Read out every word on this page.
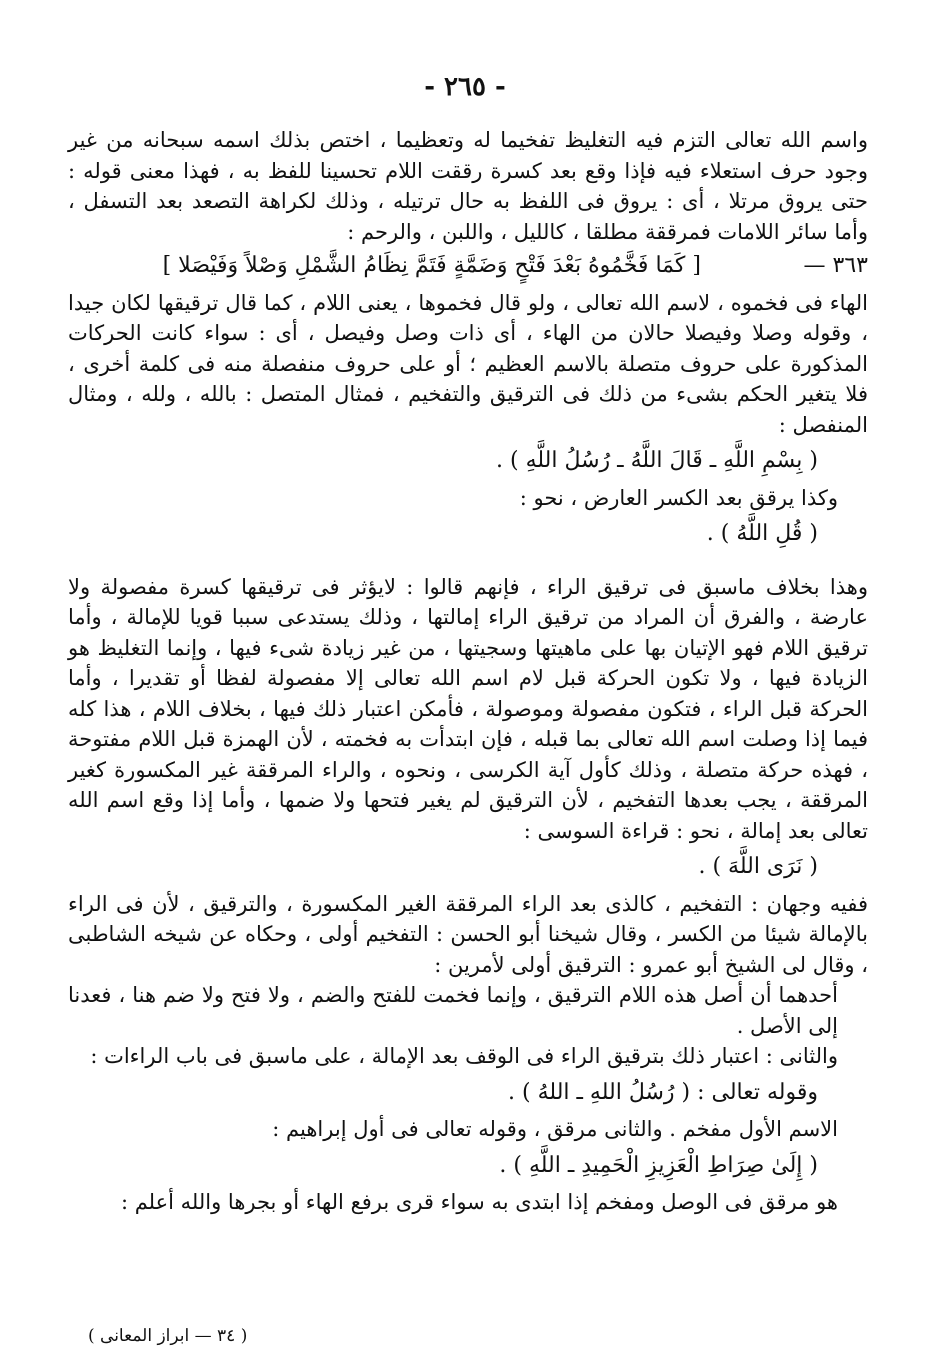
- ٢٦٥ -

واسم الله تعالى التزم فيه التغليظ تفخيما له وتعظيما ، اختص بذلك اسمه سبحانه من غير وجود حرف استعلاء فيه فإذا وقع بعد كسرة رققت اللام تحسينا للفظ به ، فهذا معنى قوله : حتى يروق مرتلا ، أى : يروق فى اللفظ به حال ترتيله ، وذلك لكراهة التصعد بعد التسفل ، وأما سائر اللامات فمرققة مطلقا ، كالليل ، واللبن ، والرحم :

٣٦٣ —
[ كَمَا فَخَّمُوهُ بَعْدَ فَتْحٍ وَضَمَّةٍ فَتَمَّ نِظَامُ الشَّمْلِ وَصْلاً وَفَيْصَلا ]

الهاء فى فخموه ، لاسم الله تعالى ، ولو قال فخموها ، يعنى اللام ، كما قال ترقيقها لكان جيدا ، وقوله وصلا وفيصلا حالان من الهاء ، أى ذات وصل وفيصل ، أى : سواء كانت الحركات المذكورة على حروف متصلة بالاسم العظيم ؛ أو على حروف منفصلة منه فى كلمة أخرى ، فلا يتغير الحكم بشىء من ذلك فى الترقيق والتفخيم ، فمثال المتصل : بالله ، ولله ، ومثال المنفصل :

( بِسْمِ اللَّهِ ـ قَالَ اللَّهُ ـ رُسُلُ اللَّهِ ) .

وكذا يرقق بعد الكسر العارض ، نحو :

( قُلِ اللَّهُ ) .

وهذا بخلاف ماسبق فى ترقيق الراء ، فإنهم قالوا : لايؤثر فى ترقيقها كسرة مفصولة ولا عارضة ، والفرق أن المراد من ترقيق الراء إمالتها ، وذلك يستدعى سببا قويا للإمالة ، وأما ترقيق اللام فهو الإتيان بها على ماهيتها وسجيتها ، من غير زيادة شىء فيها ، وإنما التغليظ هو الزيادة فيها ، ولا تكون الحركة قبل لام اسم الله تعالى إلا مفصولة لفظا أو تقديرا ، وأما الحركة قبل الراء ، فتكون مفصولة وموصولة ، فأمكن اعتبار ذلك فيها ، بخلاف اللام ، هذا كله فيما إذا وصلت اسم الله تعالى بما قبله ، فإن ابتدأت به فخمته ، لأن الهمزة قبل اللام مفتوحة ، فهذه حركة متصلة ، وذلك كأول آية الكرسى ، ونحوه ، والراء المرققة غير المكسورة كغير المرققة ، يجب بعدها التفخيم ، لأن الترقيق لم يغير فتحها ولا ضمها ، وأما إذا وقع اسم الله تعالى بعد إمالة ، نحو : قراءة السوسى :

( نَرَى اللَّهَ ) .

ففيه وجهان : التفخيم ، كالذى بعد الراء المرققة الغير المكسورة ، والترقيق ، لأن فى الراء بالإمالة شيئا من الكسر ، وقال شيخنا أبو الحسن : التفخيم أولى ، وحكاه عن شيخه الشاطبى ، وقال لى الشيخ أبو عمرو : الترقيق أولى لأمرين :

أحدهما أن أصل هذه اللام الترقيق ، وإنما فخمت للفتح والضم ، ولا فتح ولا ضم هنا ، فعدنا إلى الأصل .

والثانى : اعتبار ذلك بترقيق الراء فى الوقف بعد الإمالة ، على ماسبق فى باب الراءات :

وقوله تعالى : ( رُسُلُ اللهِ ـ اللهُ ) .

الاسم الأول مفخم . والثانى مرقق ، وقوله تعالى فى أول إبراهيم :

( إِلَىٰ صِرَاطِ الْعَزِيزِ الْحَمِيدِ ـ اللَّهِ ) .

هو مرقق فى الوصل ومفخم إذا ابتدى به سواء قرى برفع الهاء أو بجرها والله أعلم :

( ٣٤ — ابراز المعانى )
